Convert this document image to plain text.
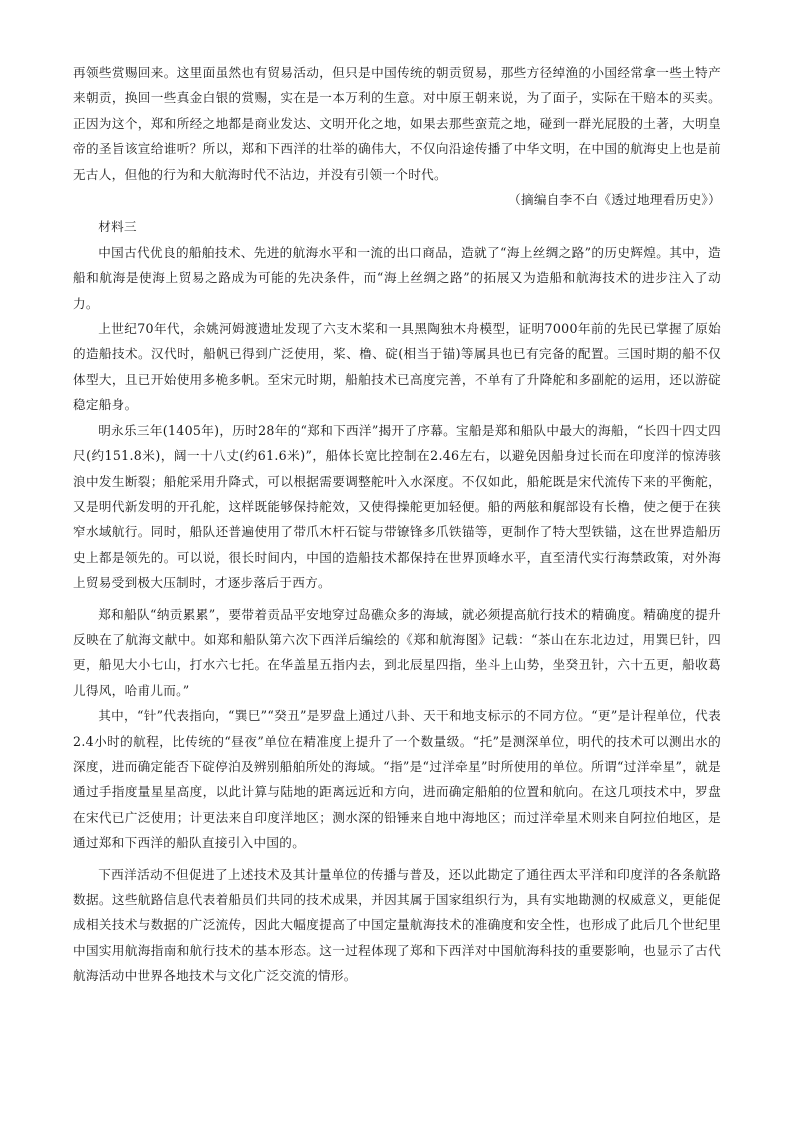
再领些赏赐回来。这里面虽然也有贸易活动，但只是中国传统的朝贡贸易，那些方径绰渔的小国经常拿一些土特产来朝贡，换回一些真金白银的赏赐，实在是一本万利的生意。对中原王朝来说，为了面子，实际在干赔本的买卖。正因为这个，郑和所经之地都是商业发达、文明开化之地，如果去那些蛮荒之地，碰到一群光屁股的土著，大明皇帝的圣旨该宣给谁听？所以，郑和下西洋的壮举的确伟大，不仅向沿途传播了中华文明，在中国的航海史上也是前无古人，但他的行为和大航海时代不沾边，并没有引领一个时代。

（摘编自李不白《透过地理看历史》）

材料三

中国古代优良的船舶技术、先进的航海水平和一流的出口商品，造就了“海上丝绸之路”的历史辉煌。其中，造船和航海是使海上贸易之路成为可能的先决条件，而“海上丝绸之路”的拓展又为造船和航海技术的进步注入了动力。

上世纪70年代，余姚河姆渡遗址发现了六支木桨和一具黑陶独木舟模型，证明7000年前的先民已掌握了原始的造船技术。汉代时，船帆已得到广泛使用，桨、橹、碇(相当于锚)等属具也已有完备的配置。三国时期的船不仅体型大，且已开始使用多桅多帆。至宋元时期，船舶技术已高度完善，不单有了升降舵和多副舵的运用，还以游碇稳定船身。

明永乐三年(1405年)，历时28年的“郑和下西洋”揭开了序幕。宝船是郑和船队中最大的海船，“长四十四丈四尺(约151.8米)，阔一十八丈(约61.6米)”，船体长宽比控制在2.46左右，以避免因船身过长而在印度洋的惊涛骇浪中发生断裂；船舵采用升降式，可以根据需要调整舵叶入水深度。不仅如此，船舵既是宋代流传下来的平衡舵，又是明代新发明的开孔舵，这样既能够保持舵效，又使得操舵更加轻便。船的两舷和艉部设有长橹，使之便于在狭窄水域航行。同时，船队还普遍使用了带爪木杆石锭与带镣锋多爪铁锚等，更制作了特大型铁锚，这在世界造船历史上都是领先的。可以说，很长时间内，中国的造船技术都保持在世界顶峰水平，直至清代实行海禁政策，对外海上贸易受到极大压制时，才逐步落后于西方。

郑和船队“纳贡累累”，要带着贡品平安地穿过岛礁众多的海域，就必须提高航行技术的精确度。精确度的提升反映在了航海文献中。如郑和船队第六次下西洋后编绘的《郑和航海图》记载：“茶山在东北边过，用巽巳针，四更，船见大小七山，打水六七托。在华盖星五指内去，到北辰星四指，坐斗上山势，坐癸丑针，六十五更，船收葛儿得风，哈甫儿而。”

其中，“针”代表指向，“巽巳”“癸丑”是罗盘上通过八卦、天干和地支标示的不同方位。“更”是计程单位，代表2.4小时的航程，比传统的“昼夜”单位在精准度上提升了一个数量级。“托”是测深单位，明代的技术可以测出水的深度，进而确定能否下碇停泊及辨别船舶所处的海域。“指”是“过洋牵星”时所使用的单位。所谓“过洋牵星”，就是通过手指度量星星高度，以此计算与陆地的距离远近和方向，进而确定船舶的位置和航向。在这几项技术中，罗盘在宋代已广泛使用；计更法来自印度洋地区；测水深的铅锤来自地中海地区；而过洋牵星术则来自阿拉伯地区，是通过郑和下西洋的船队直接引入中国的。

下西洋活动不但促进了上述技术及其计量单位的传播与普及，还以此勘定了通往西太平洋和印度洋的各条航路数据。这些航路信息代表着船员们共同的技术成果，并因其属于国家组织行为，具有实地勘测的权威意义，更能促成相关技术与数据的广泛流传，因此大幅度提高了中国定量航海技术的准确度和安全性，也形成了此后几个世纪里中国实用航海指南和航行技术的基本形态。这一过程体现了郑和下西洋对中国航海科技的重要影响，也显示了古代航海活动中世界各地技术与文化广泛交流的情形。
